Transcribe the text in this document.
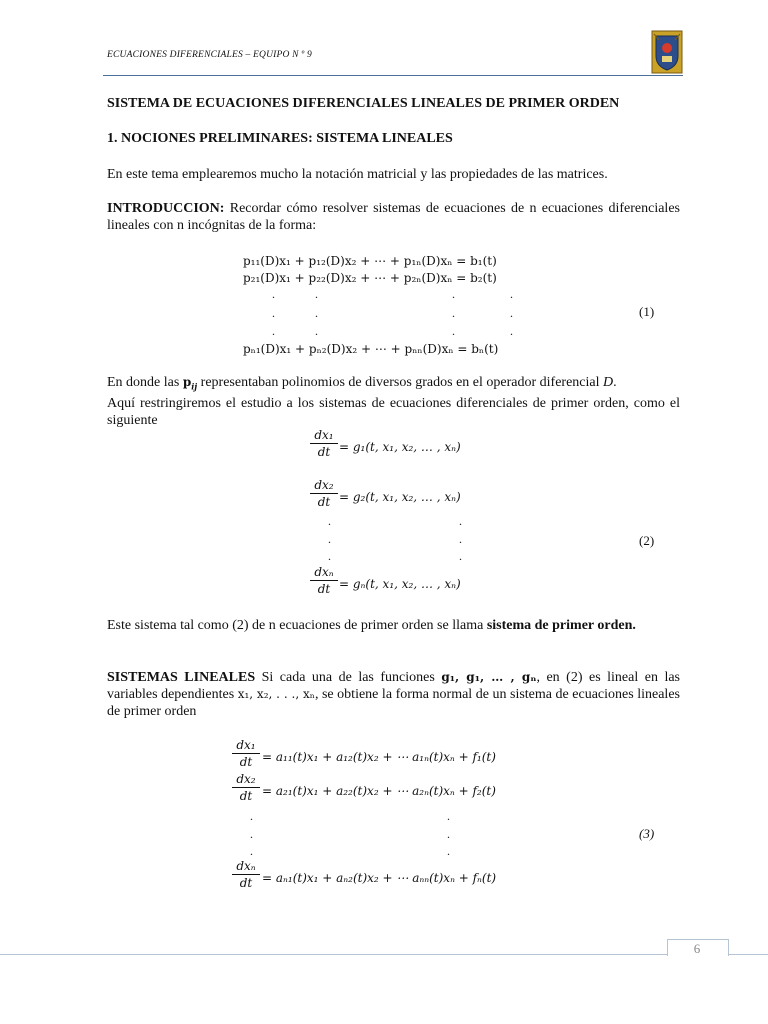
ECUACIONES DIFERENCIALES – EQUIPO N º 9
SISTEMA DE ECUACIONES DIFERENCIALES LINEALES DE PRIMER ORDEN
1. NOCIONES PRELIMINARES: SISTEMA LINEALES
En este tema emplearemos mucho la notación matricial y las propiedades de las matrices.
INTRODUCCION: Recordar cómo resolver sistemas de ecuaciones de n ecuaciones diferenciales lineales con n incógnitas de la forma:
p₁₁(D)x₁ + p₁₂(D)x₂ + ⋯ + p₁ₙ(D)xₙ = b₁(t)
p₂₁(D)x₁ + p₂₂(D)x₂ + ⋯ + p₂ₙ(D)xₙ = b₂(t)
.	.	.	.
.	.	.	.
.	.	.	.
(1)
pₙ₁(D)x₁ + pₙ₂(D)x₂ + ⋯ + pₙₙ(D)xₙ = bₙ(t)
En donde las $p_{ij}$ representaban polinomios de diversos grados en el operador diferencial D.
Aquí restringiremos el estudio a los sistemas de ecuaciones diferenciales de primer orden, como el siguiente
dx₁
dt = g₁(t, x₁, x₂, … , xₙ)
dx₂
dt = g₂(t, x₁, x₂, … , xₙ)
.	.
.	.
.	.
(2)
dxₙ
dt = gₙ(t, x₁, x₂, … , xₙ)
Este sistema tal como (2) de n ecuaciones de primer orden se llama sistema de primer orden.
SISTEMAS LINEALES Si cada una de las funciones g₁, g₁, … , gₙ, en (2) es lineal en las variables dependientes x₁, x₂, . . ., xₙ, se obtiene la forma normal de un sistema de ecuaciones lineales de primer orden
dx₁
dt = a₁₁(t)x₁ + a₁₂(t)x₂ + ⋯ a₁ₙ(t)xₙ + f₁(t)
dx₂
dt = a₂₁(t)x₁ + a₂₂(t)x₂ + ⋯ a₂ₙ(t)xₙ + f₂(t)
.	.
.	.
.	.
(3)
dxₙ
dt = aₙ₁(t)x₁ + aₙ₂(t)x₂ + ⋯ aₙₙ(t)xₙ + fₙ(t)
6
